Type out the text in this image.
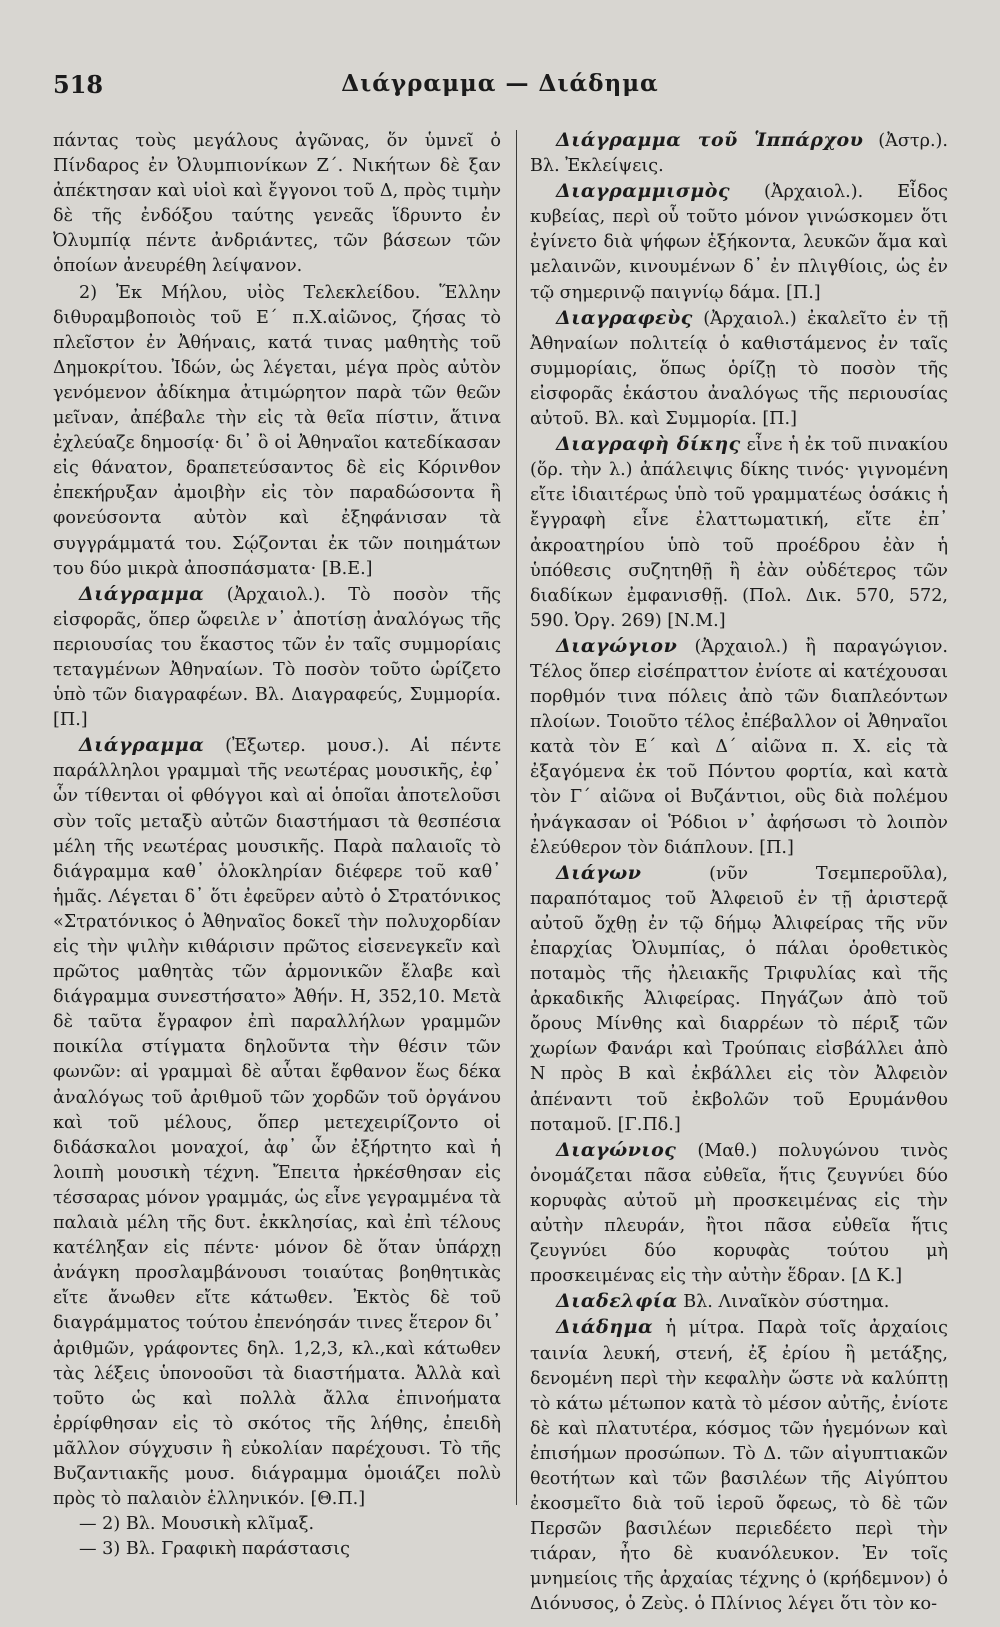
518	Διάγραμμα — Διάδημα

πάντας τοὺς μεγάλους ἀγῶνας, ὅν ὑμνεῖ ὁ Πίνδαρος ἐν Ὀλυμπιονίκων Ζ΄. Νικήτων δὲ ξαν ἀπέκτησαν καὶ υἱοὶ καὶ ἔγγονοι τοῦ Δ, πρὸς τιμὴν δὲ τῆς ἐνδόξου ταύτης γενεᾶς ἵδρυντο ἐν Ὀλυμπίᾳ πέντε ἀνδριάντες, τῶν βάσεων τῶν ὁποίων ἀνευρέθη λείψανον.

2) Ἐκ Μήλου, υἱὸς Τελεκλείδου. Ἕλλην διθυραμβοποιὸς τοῦ Ε΄ π.Χ.αἰῶνος, ζήσας τὸ πλεῖστον ἐν Ἀθήναις, κατά τινας μαθητὴς τοῦ Δημοκρίτου. Ἰδών, ὡς λέγεται, μέγα πρὸς αὐτὸν γενόμενον ἀδίκημα ἀτιμώρητον παρὰ τῶν θεῶν μεῖναν, ἀπέβαλε τὴν εἰς τὰ θεῖα πίστιν, ἅτινα ἐχλεύαζε δημοσίᾳ· δι᾽ ὃ οἱ Ἀθηναῖοι κατεδίκασαν εἰς θάνατον, δραπετεύσαντος δὲ εἰς Κόρινθον ἐπεκήρυξαν ἀμοιβὴν εἰς τὸν παραδώσοντα ἢ φονεύσοντα αὐτὸν καὶ ἐξηφάνισαν τὰ συγγράμματά του. Σῴζονται ἐκ τῶν ποιημάτων του δύο μικρὰ ἀποσπάσματα· [Β.Ε.]

Διάγραμμα (Ἀρχαιολ.). Τὸ ποσὸν τῆς εἰσφορᾶς, ὅπερ ὤφειλε ν᾽ ἀποτίσῃ ἀναλόγως τῆς περιουσίας του ἕκαστος τῶν ἐν ταῖς συμμορίαις τεταγμένων Ἀθηναίων. Τὸ ποσὸν τοῦτο ὡρίζετο ὑπὸ τῶν διαγραφέων. Βλ. Διαγραφεύς, Συμμορία. [Π.]

Διάγραμμα (Ἐξωτερ. μουσ.). Αἱ πέντε παράλληλοι γραμμαὶ τῆς νεωτέρας μουσικῆς, ἐφ᾽ ὧν τίθενται οἱ φθόγγοι καὶ αἱ ὁποῖαι ἀποτελοῦσι σὺν τοῖς μεταξὺ αὐτῶν διαστήμασι τὰ θεσπέσια μέλη τῆς νεωτέρας μουσικῆς. Παρὰ παλαιοῖς τὸ διάγραμμα καθ᾽ ὁλοκληρίαν διέφερε τοῦ καθ᾽ ἡμᾶς. Λέγεται δ᾽ ὅτι ἐφεῦρεν αὐτὸ ὁ Στρατόνικος «Στρατόνικος ὁ Ἀθηναῖος δοκεῖ τὴν πολυχορδίαν εἰς τὴν ψιλὴν κιθάρισιν πρῶτος εἰσενεγκεῖν καὶ πρῶτος μαθητὰς τῶν ἁρμονικῶν ἔλαβε καὶ διάγραμμα συνεστήσατο» Ἀθήν. Η, 352,10. Μετὰ δὲ ταῦτα ἔγραφον ἐπὶ παραλλήλων γραμμῶν ποικίλα στίγματα δηλοῦντα τὴν θέσιν τῶν φωνῶν: αἱ γραμμαὶ δὲ αὗται ἔφθανον ἕως δέκα ἀναλόγως τοῦ ἀριθμοῦ τῶν χορδῶν τοῦ ὀργάνου καὶ τοῦ μέλους, ὅπερ μετεχειρίζοντο οἱ διδάσκαλοι μοναχοί, ἀφ᾽ ὧν ἐξήρτητο καὶ ἡ λοιπὴ μουσικὴ τέχνη. Ἔπειτα ἠρκέσθησαν εἰς τέσσαρας μόνον γραμμάς, ὡς εἶνε γεγραμμένα τὰ παλαιὰ μέλη τῆς δυτ. ἐκκλησίας, καὶ ἐπὶ τέλους κατέληξαν εἰς πέντε· μόνον δὲ ὅταν ὑπάρχῃ ἀνάγκη προσλαμβάνουσι τοιαύτας βοηθητικὰς εἴτε ἄνωθεν εἴτε κάτωθεν. Ἐκτὸς δὲ τοῦ διαγράμματος τούτου ἐπενόησάν τινες ἕτερον δι᾽ ἀριθμῶν, γράφοντες δηλ. 1,2,3, κλ.,καὶ κάτωθεν τὰς λέξεις ὑπονοοῦσι τὰ διαστήματα. Ἀλλὰ καὶ τοῦτο ὡς καὶ πολλὰ ἄλλα ἐπινοήματα ἐρρίφθησαν εἰς τὸ σκότος τῆς λήθης, ἐπειδὴ μᾶλλον σύγχυσιν ἢ εὐκολίαν παρέχουσι. Τὸ τῆς Βυζαντιακῆς μουσ. διάγραμμα ὁμοιάζει πολὺ πρὸς τὸ παλαιὸν ἑλληνικόν. [Θ.Π.]

— 2) Βλ. Μουσικὴ κλῖμαξ.

— 3) Βλ. Γραφικὴ παράστασις

Διάγραμμα τοῦ Ἱππάρχου (Ἀστρ.). Βλ. Ἐκλείψεις.

Διαγραμμισμὸς (Ἀρχαιολ.). Εἶδος κυβείας, περὶ οὗ τοῦτο μόνον γινώσκομεν ὅτι ἐγίνετο διὰ ψήφων ἑξήκοντα, λευκῶν ἅμα καὶ μελαινῶν, κινουμένων δ᾽ ἐν πλιγθίοις, ὡς ἐν τῷ σημερινῷ παιγνίῳ δάμα. [Π.]

Διαγραφεὺς (Ἀρχαιολ.) ἐκαλεῖτο ἐν τῇ Ἀθηναίων πολιτείᾳ ὁ καθιστάμενος ἐν ταῖς συμμορίαις, ὅπως ὁρίζῃ τὸ ποσὸν τῆς εἰσφορᾶς ἑκάστου ἀναλόγως τῆς περιουσίας αὐτοῦ. Βλ. καὶ Συμμορία. [Π.]

Διαγραφὴ δίκης εἶνε ἡ ἐκ τοῦ πινακίου (ὅρ. τὴν λ.) ἀπάλειψις δίκης τινός· γιγνομένη εἴτε ἰδιαιτέρως ὑπὸ τοῦ γραμματέως ὁσάκις ἡ ἔγγραφὴ εἶνε ἐλαττωματική, εἴτε ἐπ᾽ ἀκροατηρίου ὑπὸ τοῦ προέδρου ἐὰν ἡ ὑπόθεσις συζητηθῇ ἢ ἐὰν οὐδέτερος τῶν διαδίκων ἐμφανισθῇ. (Πολ. Δικ. 570, 572, 590. Ὀργ. 269) [Ν.Μ.]

Διαγώγιον (Ἀρχαιολ.) ἢ παραγώγιον. Τέλος ὅπερ εἰσέπραττον ἐνίοτε αἱ κατέχουσαι πορθμόν τινα πόλεις ἀπὸ τῶν διαπλεόντων πλοίων. Τοιοῦτο τέλος ἐπέβαλλον οἱ Ἀθηναῖοι κατὰ τὸν Ε΄ καὶ Δ΄ αἰῶνα π. Χ. εἰς τὰ ἐξαγόμενα ἐκ τοῦ Πόντου φορτία, καὶ κατὰ τὸν Γ΄ αἰῶνα οἱ Βυζάντιοι, οὓς διὰ πολέμου ἠνάγκασαν οἱ Ῥόδιοι ν᾽ ἀφήσωσι τὸ λοιπὸν ἐλεύθερον τὸν διάπλουν. [Π.]

Διάγων (νῦν Τσεμπεροῦλα), παραπόταμος τοῦ Ἀλφειοῦ ἐν τῇ ἀριστερᾷ αὐτοῦ ὄχθῃ ἐν τῷ δήμῳ Ἀλιφείρας τῆς νῦν ἐπαρχίας Ὀλυμπίας, ὁ πάλαι ὁροθετικὸς ποταμὸς τῆς ἠλειακῆς Τριφυλίας καὶ τῆς ἀρκαδικῆς Ἀλιφείρας. Πηγάζων ἀπὸ τοῦ ὄρους Μίνθης καὶ διαρρέων τὸ πέριξ τῶν χωρίων Φανάρι καὶ Τρούπαις εἰσβάλλει ἀπὸ Ν πρὸς Β καὶ ἐκβάλλει εἰς τὸν Ἀλφειὸν ἀπέναντι τοῦ ἐκβολῶν τοῦ Ερυμάνθου ποταμοῦ. [Γ.Πδ.]

Διαγώνιος (Μαθ.) πολυγώνου τινὸς ὀνομάζεται πᾶσα εὐθεῖα, ἥτις ζευγνύει δύο κορυφὰς αὐτοῦ μὴ προσκειμένας εἰς τὴν αὐτὴν πλευράν, ἢτοι πᾶσα εὐθεῖα ἥτις ζευγνύει δύο κορυφὰς τούτου μὴ προσκειμένας εἰς τὴν αὐτὴν ἕδραν. [Δ Κ.]

Διαδελφία Βλ. Λιναῖκὸν σύστημα.

Διάδημα ἡ μίτρα. Παρὰ τοῖς ἀρχαίοις ταινία λευκή, στενή, ἐξ ἐρίου ἢ μετάξης, δενομένη περὶ τὴν κεφαλὴν ὥστε νὰ καλύπτῃ τὸ κάτω μέτωπον κατὰ τὸ μέσον αὐτῆς, ἐνίοτε δὲ καὶ πλατυτέρα, κόσμος τῶν ἡγεμόνων καὶ ἐπισήμων προσώπων. Τὸ Δ. τῶν αἰγυπτιακῶν θεοτήτων καὶ τῶν βασιλέων τῆς Αἰγύπτου ἐκοσμεῖτο διὰ τοῦ ἱεροῦ ὄφεως, τὸ δὲ τῶν Περσῶν βασιλέων περιεδέετο περὶ τὴν τιάραν, ἦτο δὲ κυανόλευκον. Ἐν τοῖς μνημείοις τῆς ἀρχαίας τέχνης ὁ (κρήδεμνον) ὁ Διόνυσος, ὁ Ζεὺς. ὁ Πλίνιος λέγει ὅτι τὸν κο-
